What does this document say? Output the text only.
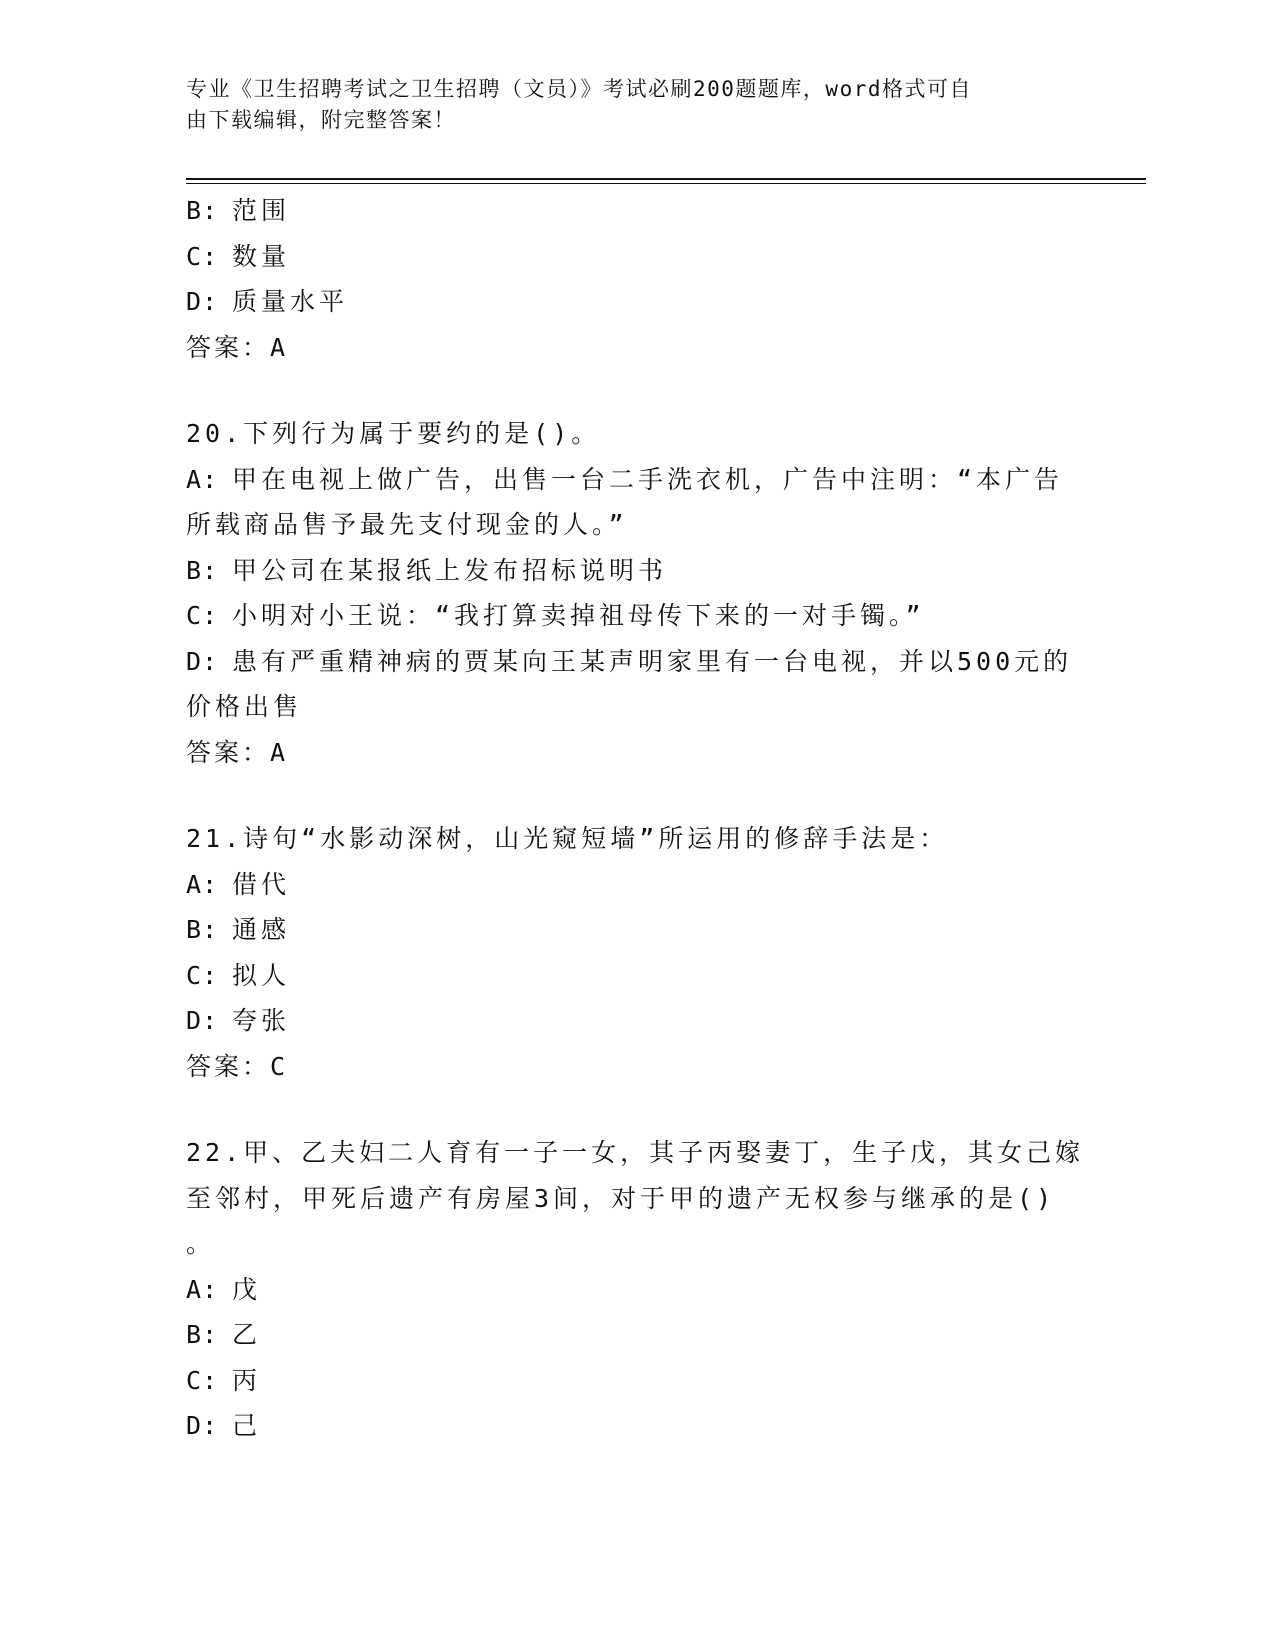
专业《卫生招聘考试之卫生招聘（文员）》考试必刷200题题库，word格式可自
由下载编辑，附完整答案！
B: 范围
C: 数量
D: 质量水平
答案：A
20.下列行为属于要约的是()。
A: 甲在电视上做广告，出售一台二手洗衣机，广告中注明：“本广告
所载商品售予最先支付现金的人。”
B: 甲公司在某报纸上发布招标说明书
C: 小明对小王说：“我打算卖掉祖母传下来的一对手镯。”
D: 患有严重精神病的贾某向王某声明家里有一台电视，并以500元的
价格出售
答案：A
21.诗句“水影动深树，山光窥短墙”所运用的修辞手法是：
A: 借代
B: 通感
C: 拟人
D: 夸张
答案：C
22.甲、乙夫妇二人育有一子一女，其子丙娶妻丁，生子戊，其女己嫁
至邻村，甲死后遗产有房屋3间，对于甲的遗产无权参与继承的是()
。
A: 戊
B: 乙
C: 丙
D: 己
